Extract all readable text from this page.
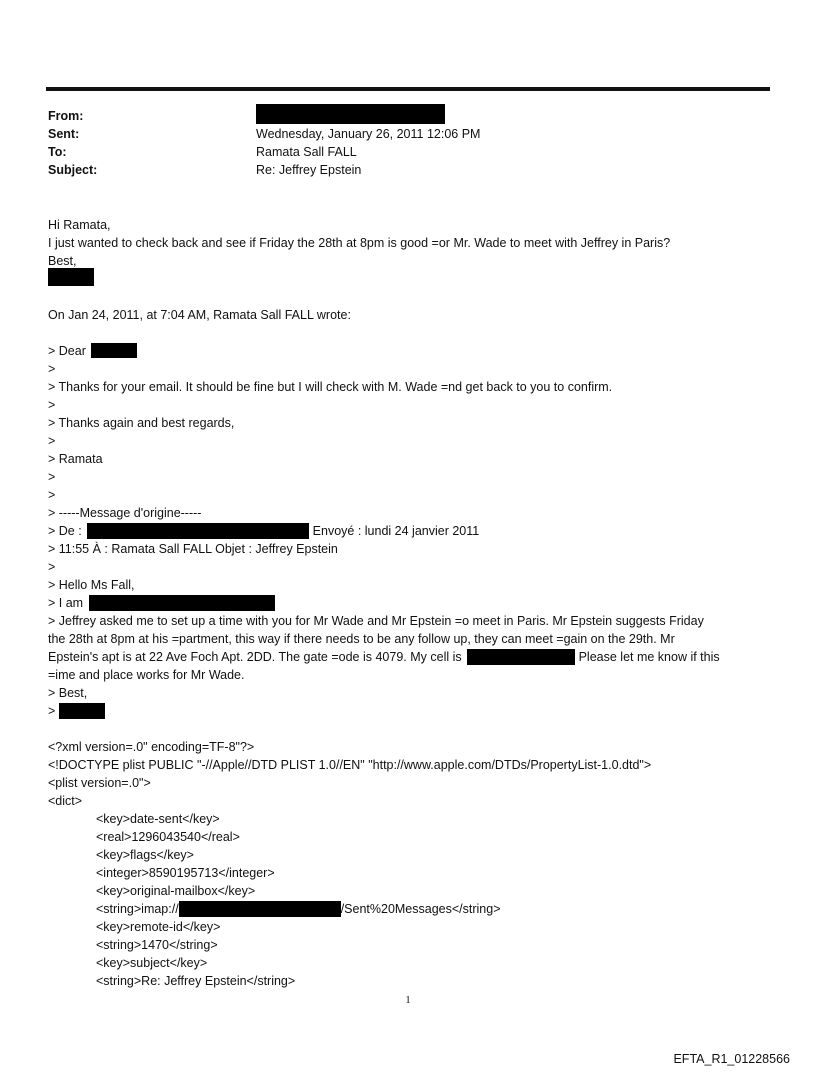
From:
Sent:	Wednesday, January 26, 2011 12:06 PM
To:	Ramata Sall FALL
Subject:	Re: Jeffrey Epstein
Hi Ramata,
I just wanted to check back and see if Friday the 28th at 8pm is good =or Mr. Wade to meet with Jeffrey in Paris?
Best,
On Jan 24, 2011, at 7:04 AM, Ramata Sall FALL wrote:
> Dear
>
> Thanks for your email. It should be fine but I will check with M. Wade =nd get back to you to confirm.
>
> Thanks again and best regards,
>
> Ramata
>
>
> -----Message d'origine-----
> De :	Envoyé : lundi 24 janvier 2011
> 11:55 À : Ramata Sall FALL Objet : Jeffrey Epstein
>
> Hello Ms Fall,
> I am
> Jeffrey asked me to set up a time with you for Mr Wade and Mr Epstein =o meet in Paris. Mr Epstein suggests Friday
the 28th at 8pm at his =partment, this way if there needs to be any follow up, they can meet =gain on the 29th. Mr
Epstein's apt is at 22 Ave Foch Apt. 2DD. The gate =ode is 4079. My cell is	Please let me know if this
=ime and place works for Mr Wade.
> Best,
>
<?xml version=.0" encoding=TF-8"?>
<!DOCTYPE plist PUBLIC "-//Apple//DTD PLIST 1.0//EN" "http://www.apple.com/DTDs/PropertyList-1.0.dtd">
<plist version=.0">
<dict>
<key>date-sent</key>
<real>1296043540</real>
<key>flags</key>
<integer>8590195713</integer>
<key>original-mailbox</key>
<string>imap://	/Sent%20Messages</string>
<key>remote-id</key>
<string>1470</string>
<key>subject</key>
<string>Re: Jeffrey Epstein</string>
1
EFTA_R1_01228566
